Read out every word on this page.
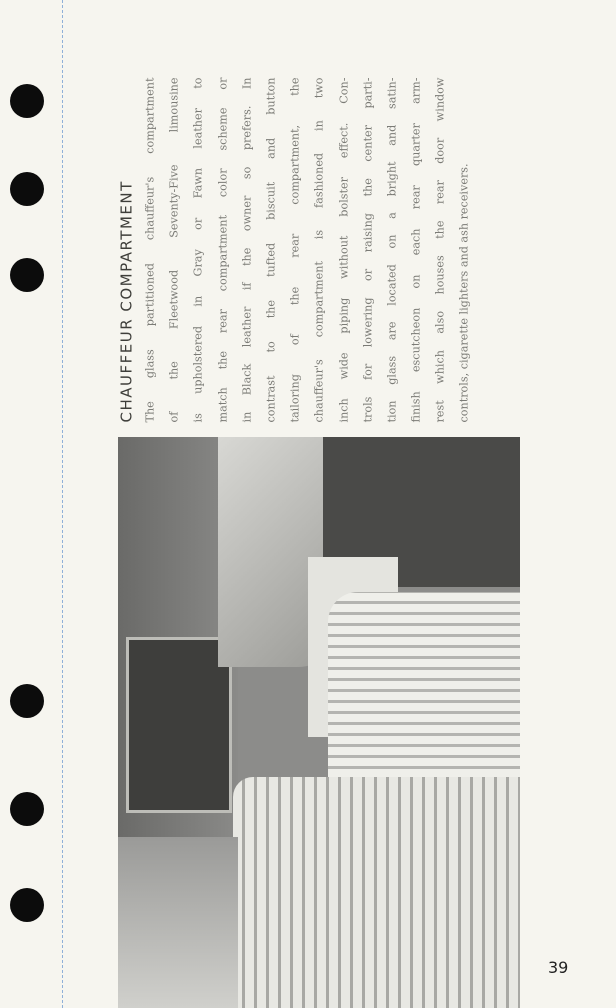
CHAUFFEUR COMPARTMENT The glass partitioned chauffeur's compartment of the Fleetwood Seventy-Five limousine is upholstered in Gray or Fawn leather to match the rear compartment color scheme or in Black leather if the owner so prefers. In contrast to the tufted biscuit and button tailoring of the rear compartment, the chauffeur's compartment is fashioned in two inch wide piping without bolster effect. Con- trols for lowering or raising the center parti- tion glass are located on a bright and satin- finish escutcheon on each rear quarter arm- rest which also houses the rear door window controls, cigarette lighters and ash receivers.
39
